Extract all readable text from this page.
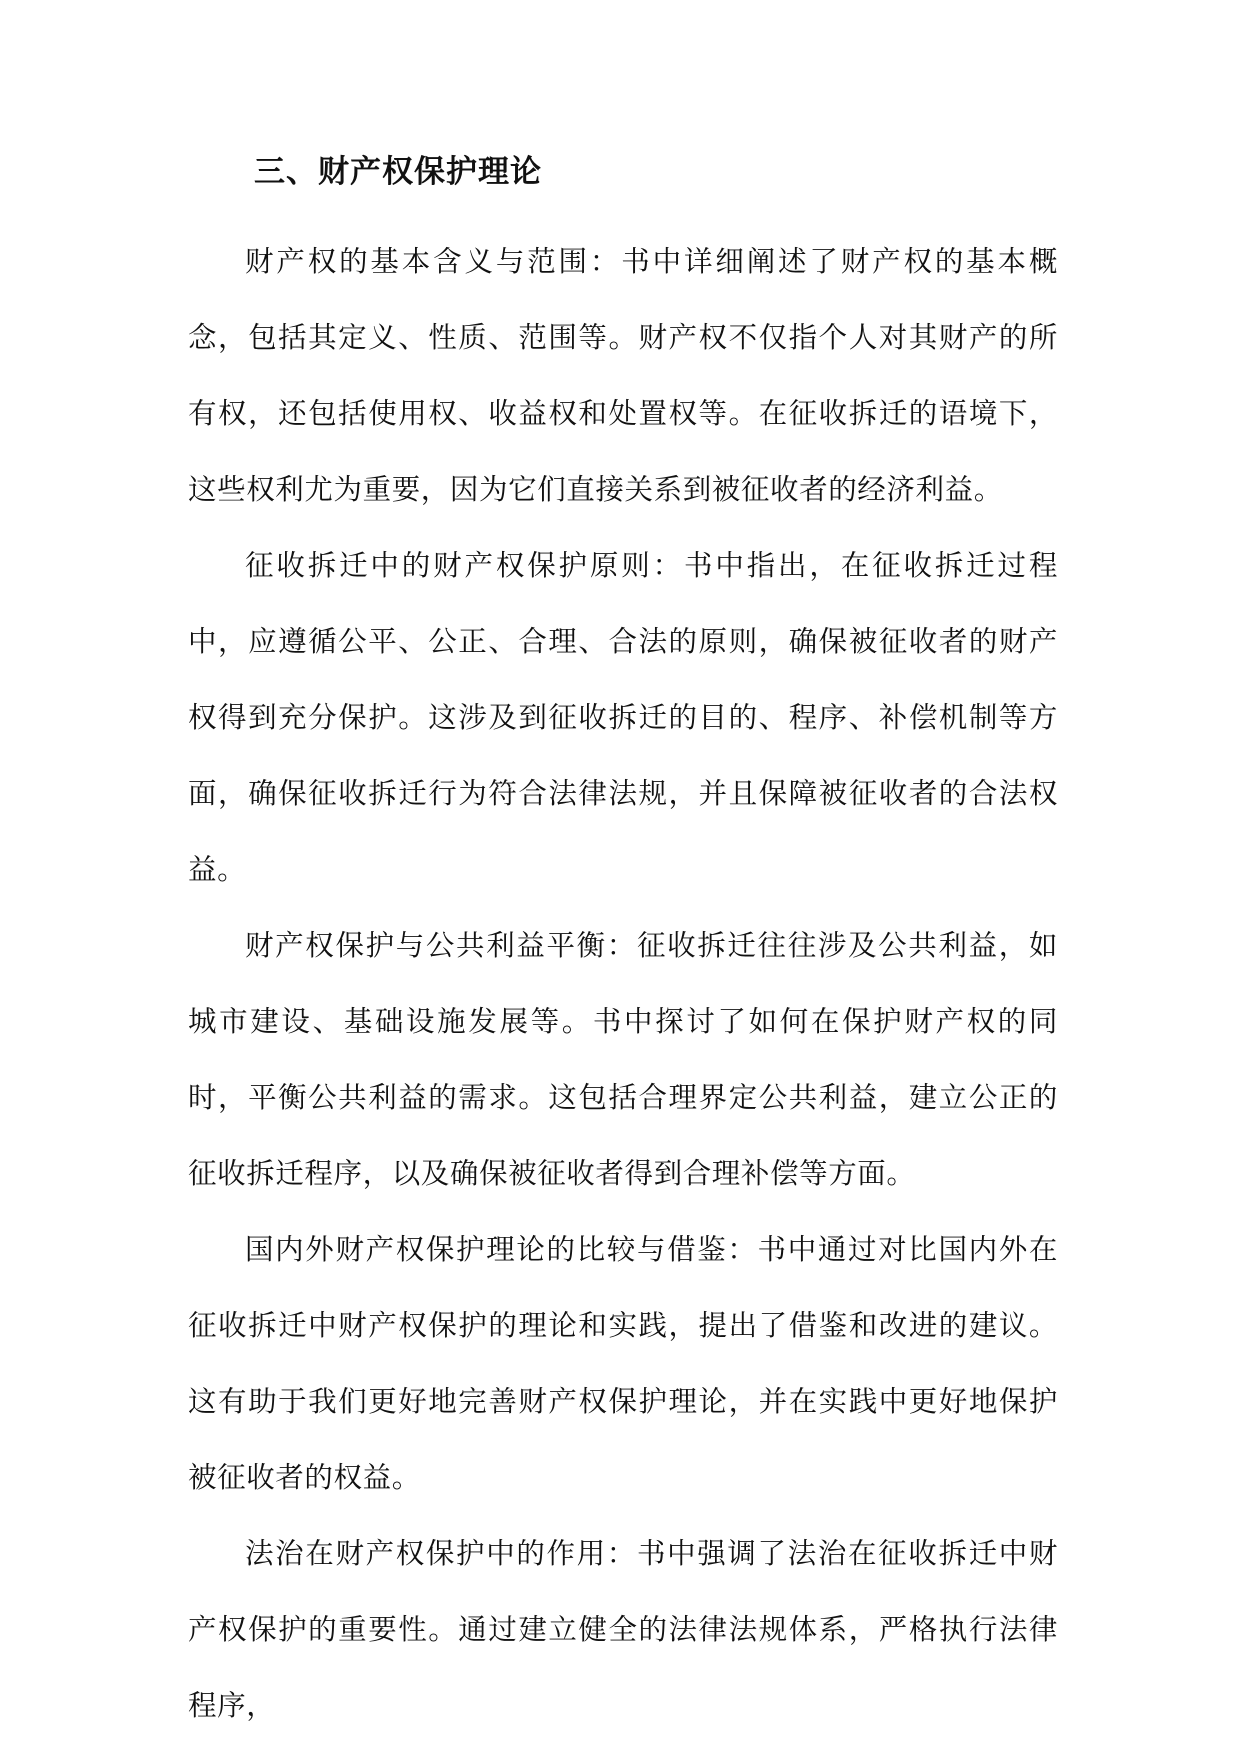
三、财产权保护理论

财产权的基本含义与范围：书中详细阐述了财产权的基本概念，包括其定义、性质、范围等。财产权不仅指个人对其财产的所有权，还包括使用权、收益权和处置权等。在征收拆迁的语境下，这些权利尤为重要，因为它们直接关系到被征收者的经济利益。

征收拆迁中的财产权保护原则：书中指出，在征收拆迁过程中，应遵循公平、公正、合理、合法的原则，确保被征收者的财产权得到充分保护。这涉及到征收拆迁的目的、程序、补偿机制等方面，确保征收拆迁行为符合法律法规，并且保障被征收者的合法权益。

财产权保护与公共利益平衡：征收拆迁往往涉及公共利益，如城市建设、基础设施发展等。书中探讨了如何在保护财产权的同时，平衡公共利益的需求。这包括合理界定公共利益，建立公正的征收拆迁程序，以及确保被征收者得到合理补偿等方面。

国内外财产权保护理论的比较与借鉴：书中通过对比国内外在征收拆迁中财产权保护的理论和实践，提出了借鉴和改进的建议。这有助于我们更好地完善财产权保护理论，并在实践中更好地保护被征收者的权益。

法治在财产权保护中的作用：书中强调了法治在征收拆迁中财产权保护的重要性。通过建立健全的法律法规体系，严格执行法律程序，
